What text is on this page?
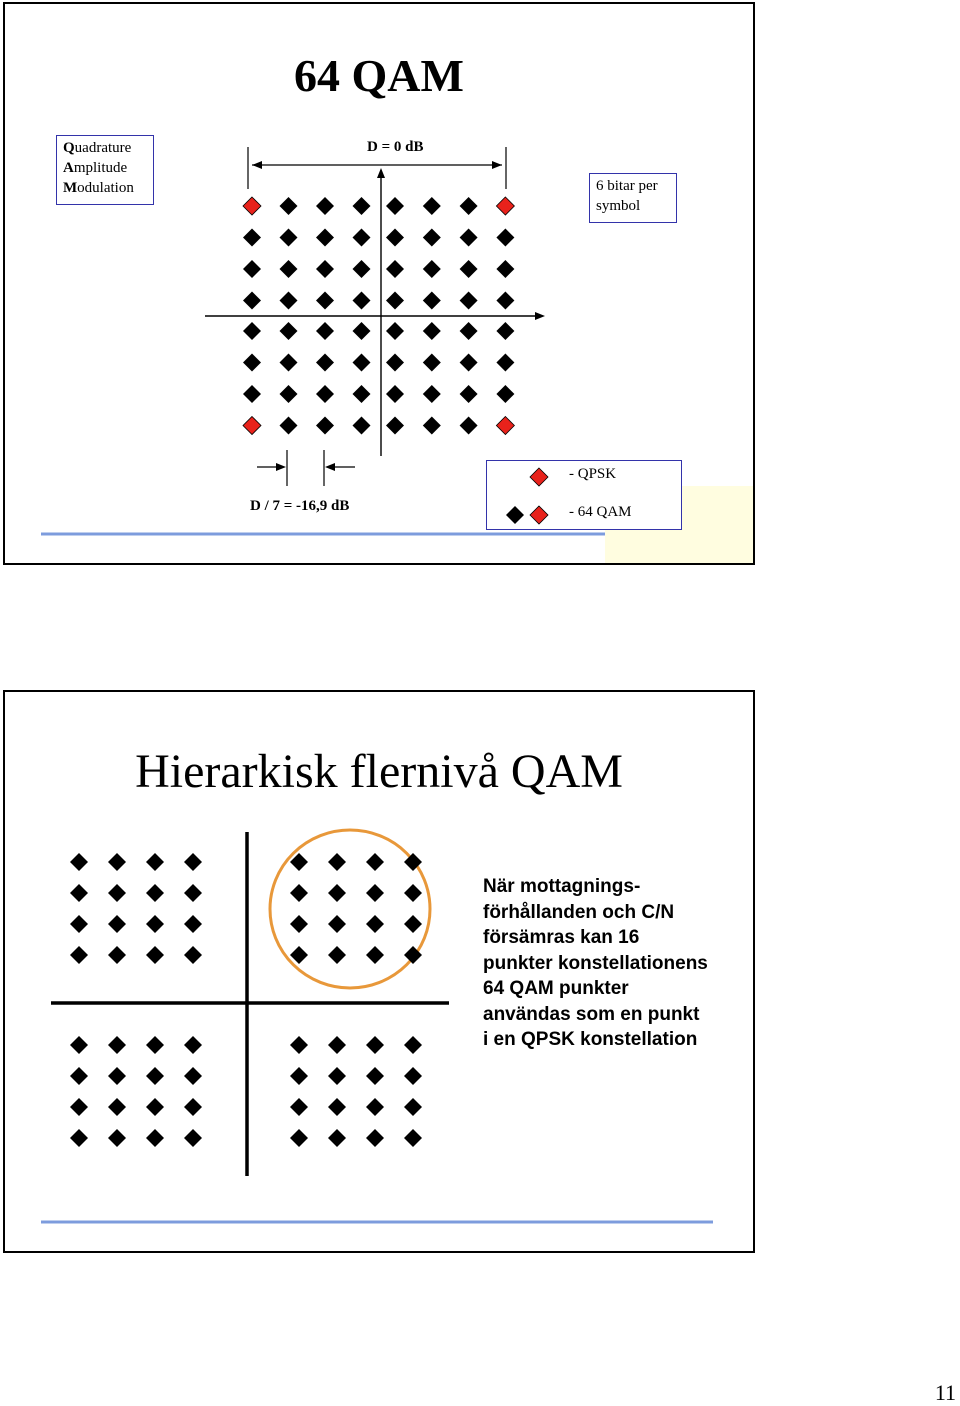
64 QAM
Quadrature
Amplitude
Modulation	6 bitar per
symbol
D = 0 dB
D / 7 = -16,9 dB
- QPSK
- 64 QAM
Hierarkisk flernivå QAM
När mottagnings-
förhållanden och C/N
försämras kan 16
punkter konstellationens
64 QAM punkter
användas som en punkt
i en QPSK konstellation
11
